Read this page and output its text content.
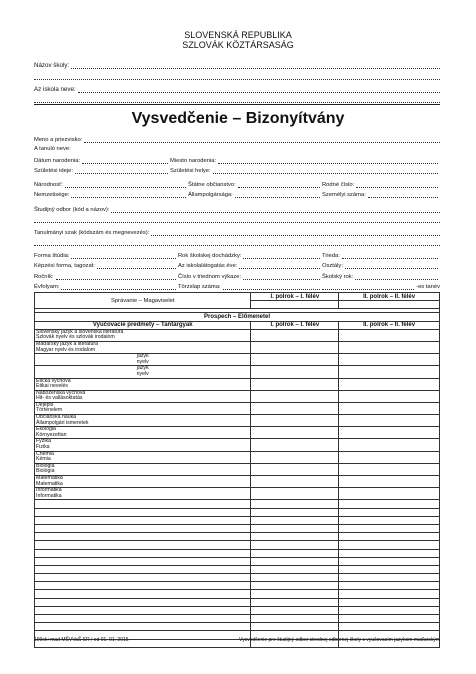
SLOVENSKÁ REPUBLIKA
SZLOVÁK KÖZTÁRSASÁG
Názov školy:
Az iskola neve:
Vysvedčenie – Bizonyítvány
Meno a priezvisko:
A tanuló neve:
Dátum narodenia:	Miesto narodenia:
Születési ideje:	Születési helye:
Národnosť:	Štátne občianstvo:	Rodné číslo:
Nemzetisége:	Állampolgársága:	Személyi száma:
Študijný odbor (kód a názov):
Tanulmányi szak (kódszám és megnevezés):
Forma štúdia:	Rok školskej dochádzky:	Trieda:
Képzési forma, tagozat:	Az iskolalátogatás éve:	Osztály:
Ročník:	Číslo v triednom výkaze:	Školský rok:
Évfolyam:	Törzslap száma:	-es tanév
Správanie – Magaviselet	I. polrok – I. félév	II. polrok – II. félév

Prospech – Előmenetel		
Vyučovacie predmety – Tantárgyak	I. polrok – I. félév	II. polrok – II. félév

Slovenský jazyk a slovenská literatúra
Szlovák nyelv és szlovák irodalom		

Maďarský jazyk a literatúra
Magyar nyelv és irodalom		

jazyk
nyelv		

jazyk
nyelv		

Etická výchova
Etikai nevelés		

Náboženská výchova
Hit- és vallásoktatás		

Dejepis
Történelem		

Občianska náuka
Állampolgári ismeretek		

Ekológia
Környezettan		

Fyzika
Fizika		

Chémia
Kémia		

Biológia
Biológia		

Matematika
Matematika		

Informatika
Informatika		

199sk+mad MŠVVaŠ SR / od 01. 01. 2015	Vysvedčenie pre študijný odbor strednej odbornej školy s vyučovacím jazykom maďarským
